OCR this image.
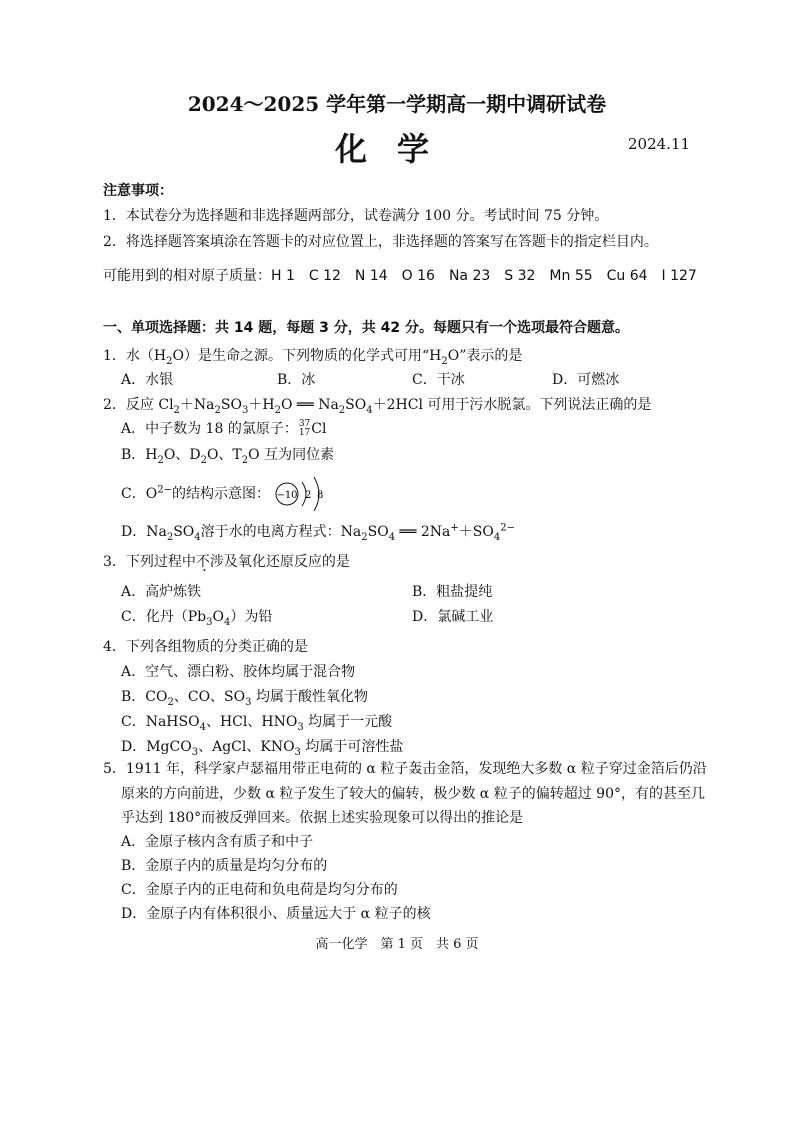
2024～2025 学年第一学期高一期中调研试卷
化学	2024.11
注意事项：
1．本试卷分为选择题和非选择题两部分，试卷满分 100 分。考试时间 75 分钟。
2．将选择题答案填涂在答题卡的对应位置上，非选择题的答案写在答题卡的指定栏目内。
可能用到的相对原子质量：H 1　C 12　N 14　O 16　Na 23　S 32　Mn 55　Cu 64　I 127
一、单项选择题：共 14 题，每题 3 分，共 42 分。每题只有一个选项最符合题意。
1．水$(H_2O)$是生命之源。下列物质的化学式可用“$H_2O$”表示的是
A．水银	B．冰	C．干冰	D．可燃冰
2．反应 $Cl_2+Na_2SO_3+H_2O$ ══ $Na_2SO_4+2HCl$ 可用于污水脱氯。下列说法正确的是
A．中子数为 18 的氯原子：37
17Cl
B．$H_2O$、$D_2O$、$T_2O$ 互为同位素
C．$O^{2-}$的结构示意图： −10 2 8
D．$Na_2SO_4$溶于水的电离方程式：$Na_2SO_4$ ══ $2Na^++SO_4^{2-}$
3．下列过程中不涉及氧化还原反应的是
A．高炉炼铁	B．粗盐提纯
C．化丹$(Pb_3O_4)$为铅	D．氯碱工业
4．下列各组物质的分类正确的是
A．空气、漂白粉、胶体均属于混合物
B．$CO_2$、CO、$SO_3$ 均属于酸性氧化物
C．NaHSO$_4$、HCl、$HNO_3$ 均属于一元酸
D．MgCO$_3$、AgCl、$KNO_3$ 均属于可溶性盐
5．1911 年，科学家卢瑟福用带正电荷的 α 粒子轰击金箔，发现绝大多数 α 粒子穿过金箔后仍沿
原来的方向前进，少数 α 粒子发生了较大的偏转，极少数 α 粒子的偏转超过 90°，有的甚至几
乎达到 180°而被反弹回来。依据上述实验现象可以得出的推论是
A．金原子核内含有质子和中子
B．金原子内的质量是均匀分布的
C．金原子内的正电荷和负电荷是均匀分布的
D．金原子内有体积很小、质量远大于 α 粒子的核
高一化学　第 1 页　共 6 页
